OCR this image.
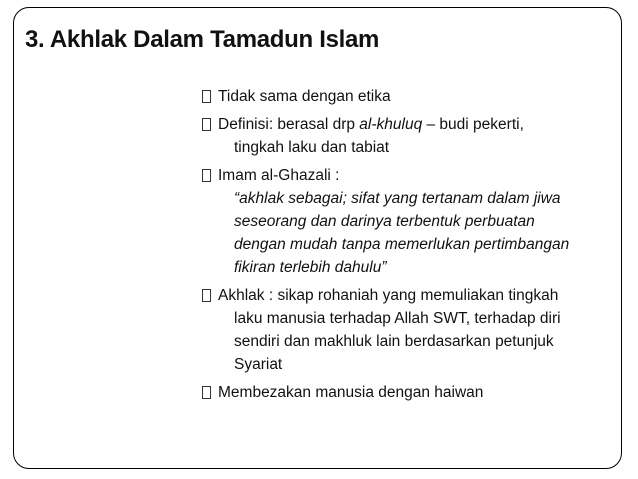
3. Akhlak Dalam Tamadun Islam
Tidak sama dengan etika
Definisi: berasal drp al-khuluq – budi pekerti,
tingkah laku dan tabiat
Imam al-Ghazali :
“akhlak sebagai; sifat yang tertanam dalam jiwa
seseorang dan darinya terbentuk perbuatan
dengan mudah tanpa memerlukan pertimbangan
fikiran terlebih dahulu”
Akhlak : sikap rohaniah yang memuliakan tingkah
laku manusia terhadap Allah SWT, terhadap diri
sendiri dan makhluk lain berdasarkan petunjuk
Syariat
Membezakan manusia dengan haiwan
